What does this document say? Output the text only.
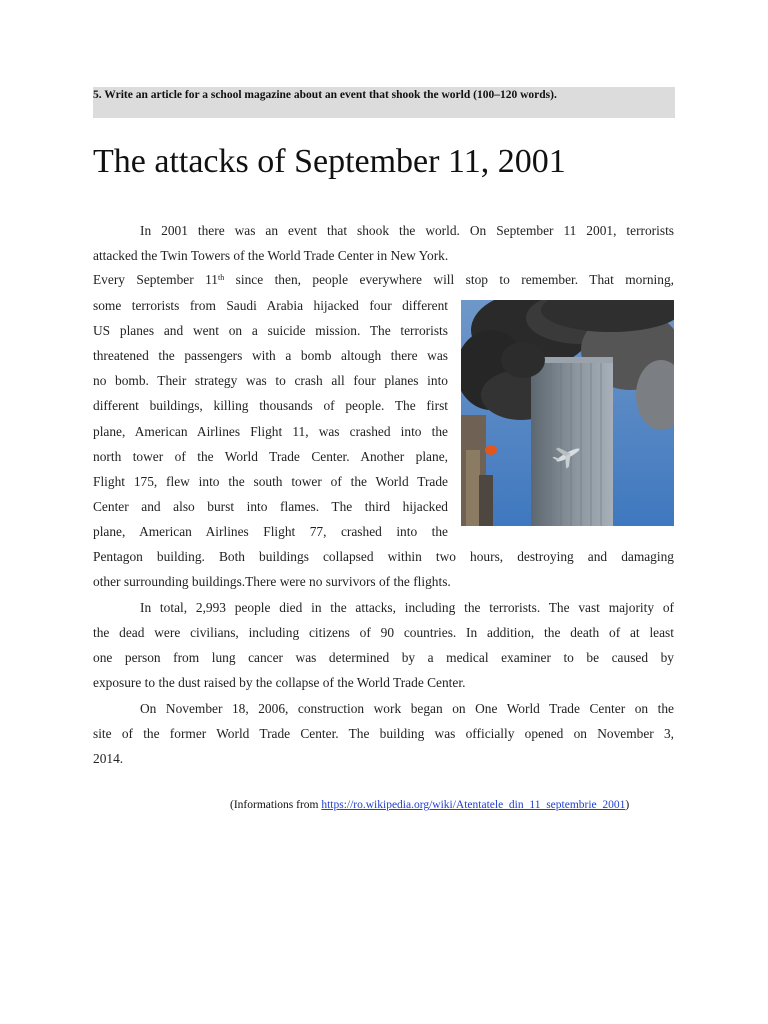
5. Write an article for a school magazine about an event that shook the world (100–120 words).
The attacks of September 11, 2001
In 2001 there was an event that shook the world. On September 11 2001, terrorists
attacked the Twin Towers of the World Trade Center in New York.
Every September 11th since then, people everywhere will stop to remember. That morning,
some terrorists from Saudi Arabia hijacked four different
US planes and went on a suicide mission. The terrorists
threatened the passengers with a bomb altough there was
no bomb. Their strategy was to crash all four planes into
different buildings, killing thousands of people. The first
plane, American Airlines Flight 11, was crashed into the
north tower of the World Trade Center. Another plane,
Flight 175, flew into the south tower of the World Trade
Center and also burst into flames. The third hijacked
plane, American Airlines Flight 77, crashed into the
Pentagon building. Both buildings collapsed within two hours, destroying and damaging
other surrounding buildings.There were no survivors of the flights.
In total, 2,993 people died in the attacks, including the terrorists. The vast majority of
the dead were civilians, including citizens of 90 countries. In addition, the death of at least
one person from lung cancer was determined by a medical examiner to be caused by
exposure to the dust raised by the collapse of the World Trade Center.
On November 18, 2006, construction work began on One World Trade Center on the
site of the former World Trade Center. The building was officially opened on November 3,
2014.
(Informations from https://ro.wikipedia.org/wiki/Atentatele_din_11_septembrie_2001)
